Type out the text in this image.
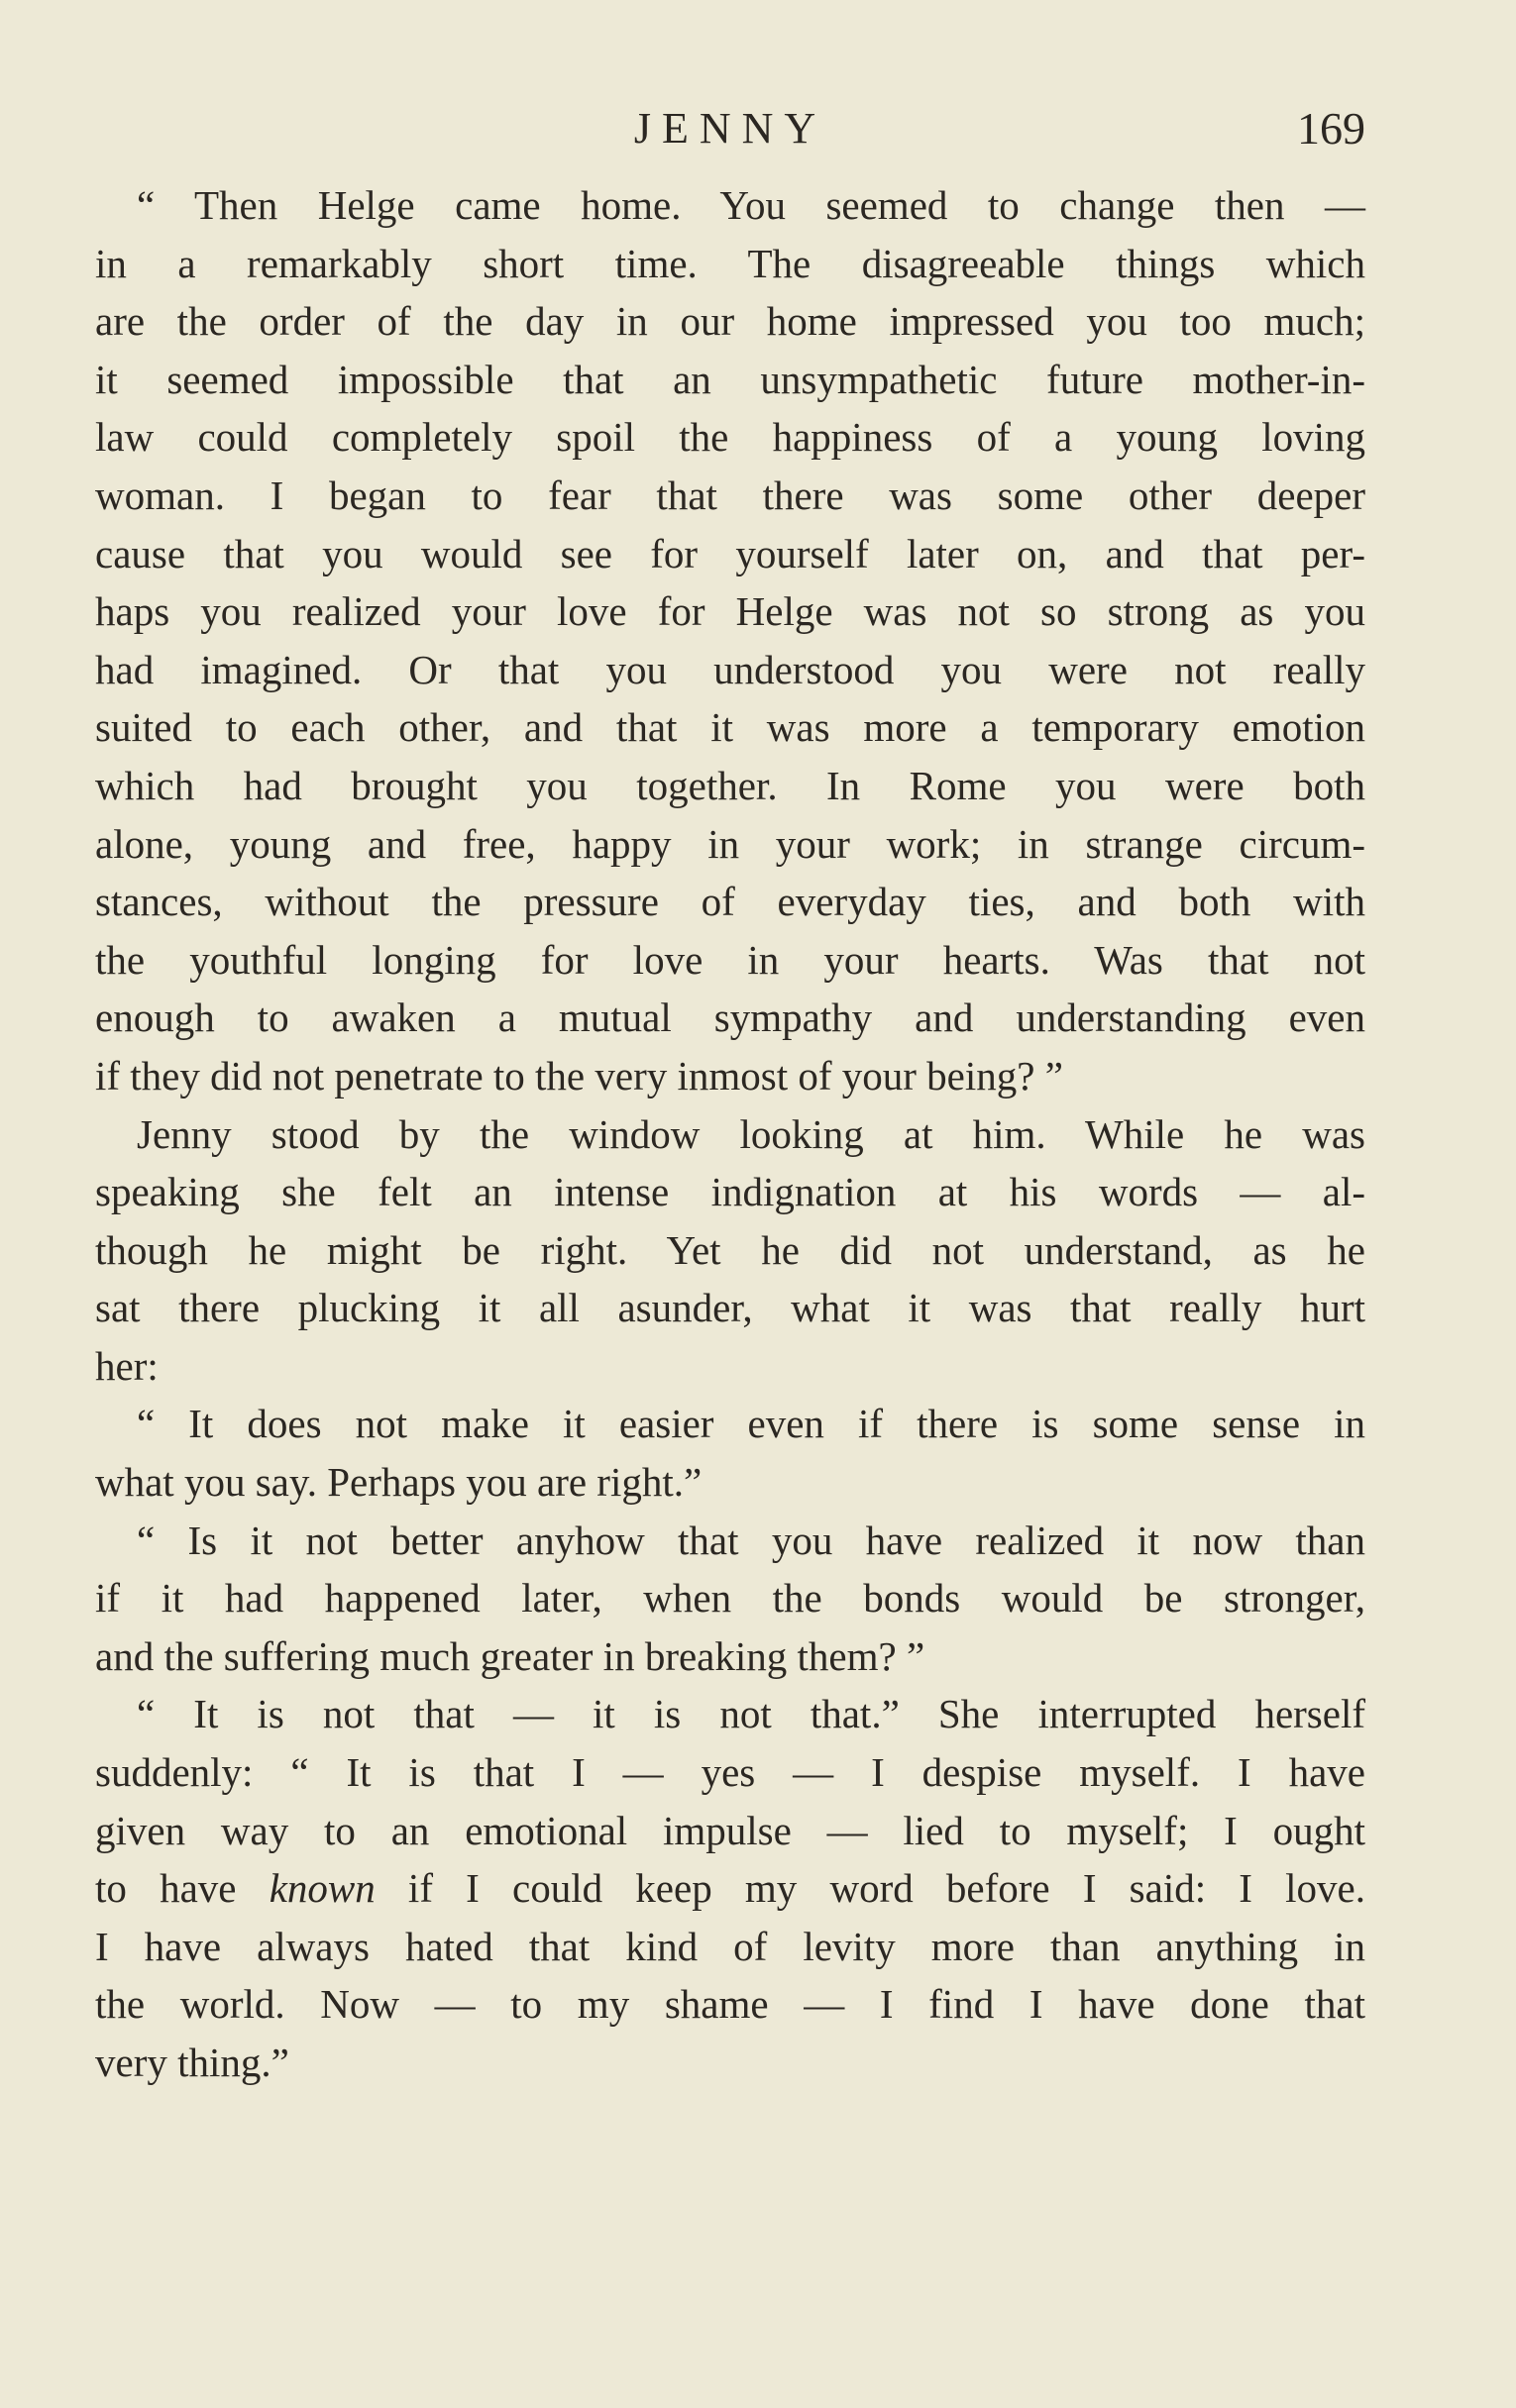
JENNY	169

“ Then Helge came home. You seemed to change then —
in a remarkably short time. The disagreeable things which
are the order of the day in our home impressed you too much;
it seemed impossible that an unsympathetic future mother-in-
law could completely spoil the happiness of a young loving
woman. I began to fear that there was some other deeper
cause that you would see for yourself later on, and that per-
haps you realized your love for Helge was not so strong as you
had imagined. Or that you understood you were not really
suited to each other, and that it was more a temporary emotion
which had brought you together. In Rome you were both
alone, young and free, happy in your work; in strange circum-
stances, without the pressure of everyday ties, and both with
the youthful longing for love in your hearts. Was that not
enough to awaken a mutual sympathy and understanding even
if they did not penetrate to the very inmost of your being? ”

Jenny stood by the window looking at him. While he was
speaking she felt an intense indignation at his words — al-
though he might be right. Yet he did not understand, as he
sat there plucking it all asunder, what it was that really hurt
her:

“ It does not make it easier even if there is some sense in
what you say. Perhaps you are right.”

“ Is it not better anyhow that you have realized it now than
if it had happened later, when the bonds would be stronger,
and the suffering much greater in breaking them? ”

“ It is not that — it is not that.” She interrupted herself
suddenly: “ It is that I — yes — I despise myself. I have
given way to an emotional impulse — lied to myself; I ought
to have known if I could keep my word before I said: I love.
I have always hated that kind of levity more than anything in
the world. Now — to my shame — I find I have done that
very thing.”
